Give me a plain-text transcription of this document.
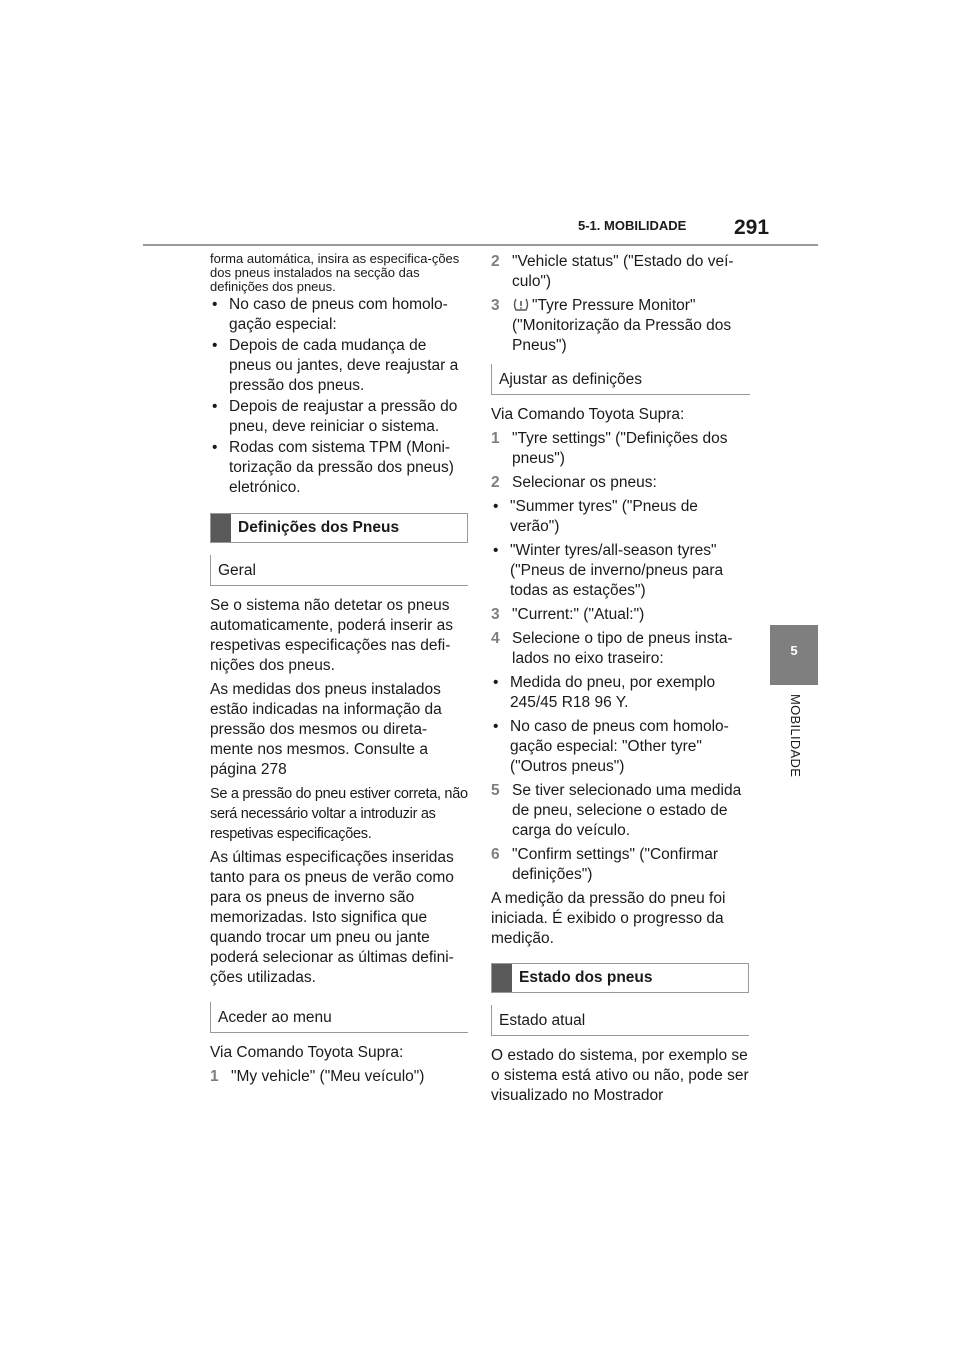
5-1. MOBILIDADE 291
5
MOBILIDADE

forma automática, insira as especifica-ções dos pneus instalados na secção das definições dos pneus.

• No caso de pneus com homolo-gação especial:
• Depois de cada mudança de pneus ou jantes, deve reajustar a pressão dos pneus.
• Depois de reajustar a pressão do pneu, deve reiniciar o sistema.
• Rodas com sistema TPM (Moni-torização da pressão dos pneus) eletrónico.
Definições dos Pneus
Geral

Se o sistema não detetar os pneus automaticamente, poderá inserir as respetivas especificações nas defi-nições dos pneus.

As medidas dos pneus instalados estão indicadas na informação da pressão dos mesmos ou direta-mente nos mesmos. Consulte a página 278

Se a pressão do pneu estiver correta, não será necessário voltar a introduzir as respetivas especificações.

As últimas especificações inseridas tanto para os pneus de verão como para os pneus de inverno são memorizadas. Isto significa que quando trocar um pneu ou jante poderá selecionar as últimas defini-ções utilizadas.

Aceder ao menu

Via Comando Toyota Supra:

1 "My vehicle" ("Meu veículo")
2 "Vehicle status" ("Estado do veí-culo")
3 "Tyre Pressure Monitor" ("Monitorização da Pressão dos Pneus")
Ajustar as definições

Via Comando Toyota Supra:

1 "Tyre settings" ("Definições dos pneus")
2 Selecionar os pneus:
• "Summer tyres" ("Pneus de verão")
• "Winter tyres/all-season tyres" ("Pneus de inverno/pneus para todas as estações")
3 "Current:" ("Atual:")
4 Selecione o tipo de pneus insta-lados no eixo traseiro:
• Medida do pneu, por exemplo 245/45 R18 96 Y.
• No caso de pneus com homolo-gação especial: "Other tyre" ("Outros pneus")
5 Se tiver selecionado uma medida de pneu, selecione o estado de carga do veículo.
6 "Confirm settings" ("Confirmar definições")

A medição da pressão do pneu foi iniciada. É exibido o progresso da medição.

Estado dos pneus
Estado atual

O estado do sistema, por exemplo se o sistema está ativo ou não, pode ser visualizado no Mostrador
